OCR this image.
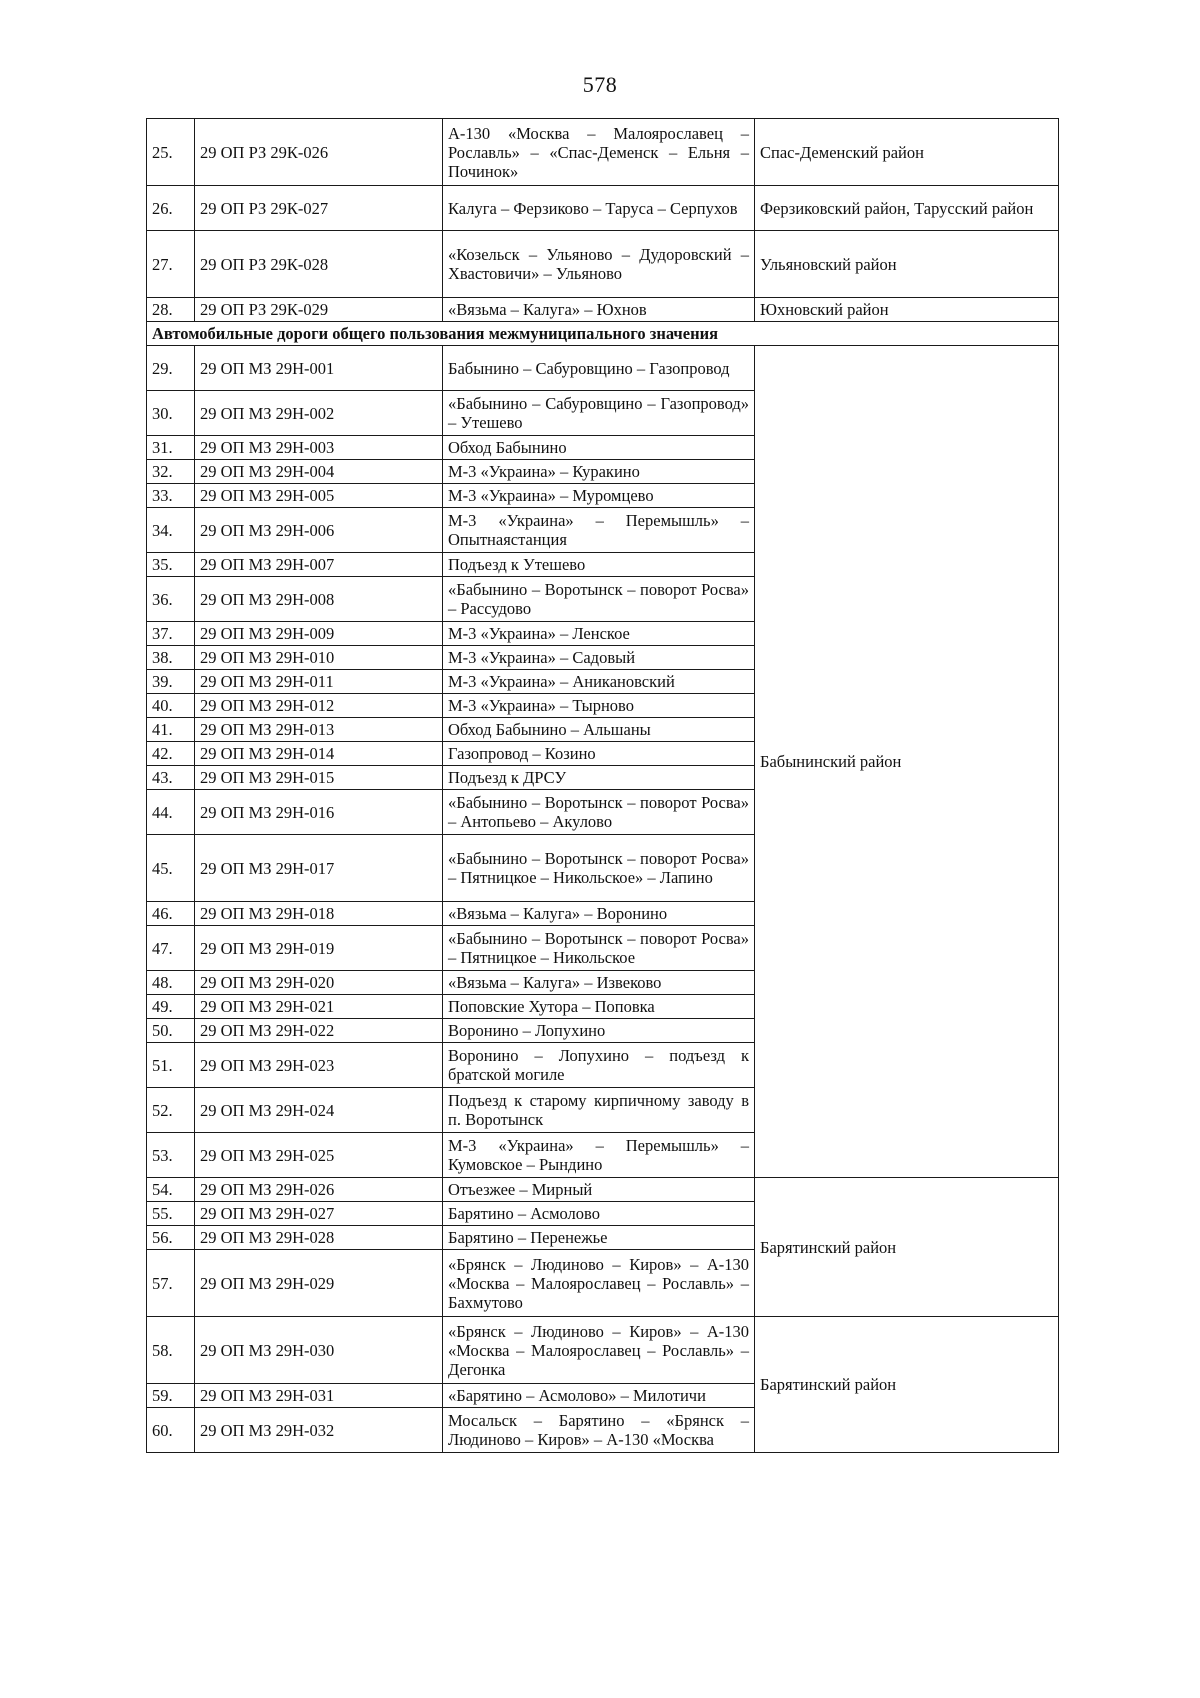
578
25.	29 ОП РЗ 29К-026	А-130 «Москва – Малоярославец – Рославль» – «Спас-Деменск – Ельня – Починок»	Спас-Деменский район
26.	29 ОП РЗ 29К-027	Калуга – Ферзиково – Таруса – Серпухов	Ферзиковский район, Тарусский район
27.	29 ОП РЗ 29К-028	«Козельск – Ульяново – Дудоровский – Хвастовичи» – Ульяново	Ульяновский район
28.	29 ОП РЗ 29К-029	«Вязьма – Калуга» – Юхнов	Юхновский район
Автомобильные дороги общего пользования межмуниципального значения			
29.	29 ОП МЗ 29Н-001	Бабынино – Сабуровщино – Газопровод	Бабынинский район
30.	29 ОП МЗ 29Н-002	«Бабынино – Сабуровщино – Газопровод» – Утешево	
31.	29 ОП МЗ 29Н-003	Обход Бабынино	
32.	29 ОП МЗ 29Н-004	М-3 «Украина» – Куракино	
33.	29 ОП МЗ 29Н-005	М-3 «Украина» – Муромцево	
34.	29 ОП МЗ 29Н-006	М-3 «Украина» – Перемышль» – Опытнаястанция	
35.	29 ОП МЗ 29Н-007	Подъезд к Утешево	
36.	29 ОП МЗ 29Н-008	«Бабынино – Воротынск – поворот Росва» – Рассудово	
37.	29 ОП МЗ 29Н-009	М-3 «Украина» – Ленское	
38.	29 ОП МЗ 29Н-010	М-3 «Украина» – Садовый	
39.	29 ОП МЗ 29Н-011	М-3 «Украина» – Аникановский	
40.	29 ОП МЗ 29Н-012	М-3 «Украина» – Тырново	
41.	29 ОП МЗ 29Н-013	Обход Бабынино – Альшаны	
42.	29 ОП МЗ 29Н-014	Газопровод – Козино	
43.	29 ОП МЗ 29Н-015	Подъезд к ДРСУ	
44.	29 ОП МЗ 29Н-016	«Бабынино – Воротынск – поворот Росва» – Антопьево – Акулово	
45.	29 ОП МЗ 29Н-017	«Бабынино – Воротынск – поворот Росва» – Пятницкое – Никольское» – Лапино	
46.	29 ОП МЗ 29Н-018	«Вязьма – Калуга» – Воронино	
47.	29 ОП МЗ 29Н-019	«Бабынино – Воротынск – поворот Росва» – Пятницкое – Никольское	
48.	29 ОП МЗ 29Н-020	«Вязьма – Калуга» – Извеково	
49.	29 ОП МЗ 29Н-021	Поповские Хутора – Поповка	
50.	29 ОП МЗ 29Н-022	Воронино – Лопухино	
51.	29 ОП МЗ 29Н-023	Воронино – Лопухино – подъезд к братской могиле	
52.	29 ОП МЗ 29Н-024	Подъезд к старому кирпичному заводу в п. Воротынск	
53.	29 ОП МЗ 29Н-025	М-3 «Украина» – Перемышль» – Кумовское – Рындино	
54.	29 ОП МЗ 29Н-026	Отъезжее – Мирный	Барятинский район
55.	29 ОП МЗ 29Н-027	Барятино – Асмолово	
56.	29 ОП МЗ 29Н-028	Барятино – Перенежье	
57.	29 ОП МЗ 29Н-029	«Брянск – Людиново – Киров» – А-130 «Москва – Малоярославец – Рославль» – Бахмутово	
58.	29 ОП МЗ 29Н-030	«Брянск – Людиново – Киров» – А-130 «Москва – Малоярославец – Рославль» – Дегонка	Барятинский район
59.	29 ОП МЗ 29Н-031	«Барятино – Асмолово» – Милотичи	
60.	29 ОП МЗ 29Н-032	Мосальск – Барятино – «Брянск – Людиново – Киров» – А-130 «Москва	
